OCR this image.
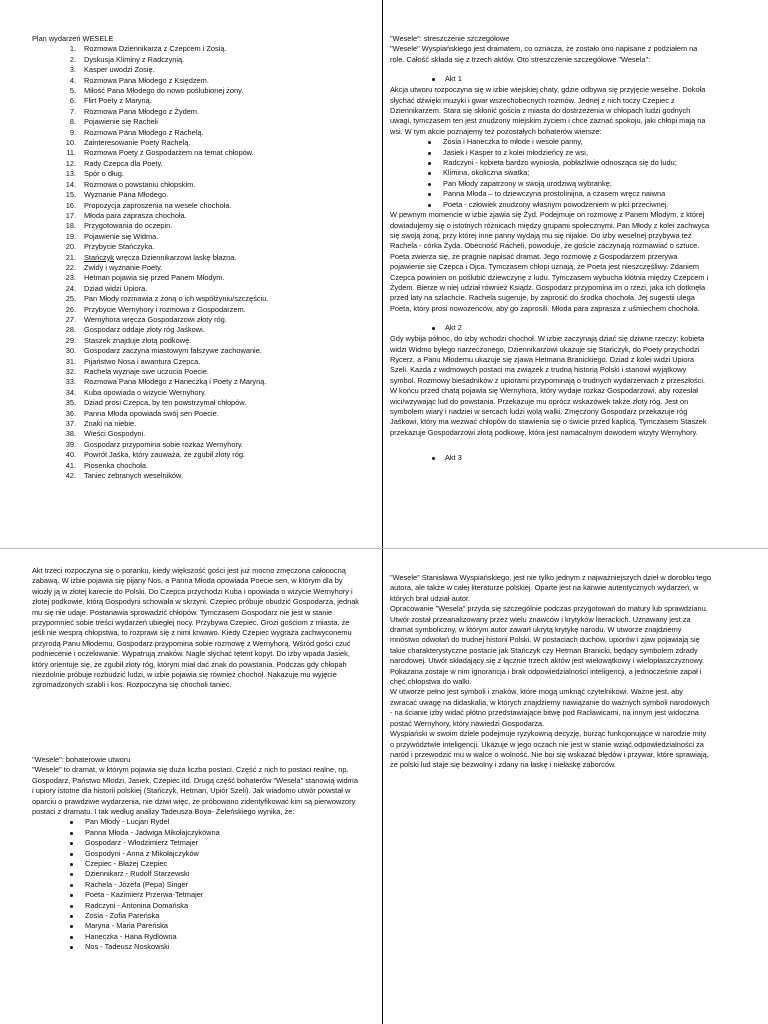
Plan wydarzeń WESELE

1.	Rozmowa Dziennikarza z Czepcem i Zosią.
2.	Dyskusja Kliminy z Radczynią.
3.	Kasper uwodzi Zosię.
4.	Rozmowa Pana Młodego z Księdzem.
5.	Miłość Pana Młodego do nowo poślubionej żony.
6.	Flirt Poety z Maryną.
7.	Rozmowa Pana Młodego z Żydem.
8.	Pojawienie się Racheli
9.	Rozmowa Pana Młodego z Rachelą.
10.	Zainteresowanie Poety Rachelą.
11.	Rozmowa Poety z Gospodarzem na temat chłopów.
12.	Rady Czepca dla Poety.
13.	Spór o dług.
14.	Rozmowa o powstaniu chłopskim.
15.	Wyznanie Pana Młodego.
16.	Propozycja zaproszenia na wesele chochoła.
17.	Młoda para zaprasza chochoła.
18.	Przygotowania do oczepin.
19.	Pojawienie się Widma.
20.	Przybycie Stańczyka.
21.	Stańczyk wręcza Dziennikarzowi laskę błazna.
22.	Zwidy i wyznanie Poety.
23.	Hetman pojawia się przed Panem Młodym.
24.	Dziad widzi Upiora.
25.	Pan Młody rozmawia z żoną o ich współżyniu/szczęściu.
26.	Przybycie Wernyhory i rozmowa z Gospodarzem.
27.	Wernyhora wręcza Gospodarzowi złoty róg.
28.	Gospodarz oddaje złoty róg Jaśkowi.
29.	Staszek znajduje złotą podkowę.
30.	Gospodarz zaczyna miastowym fałszywe zachowanie.
31.	Pijaństwo Nosa i awantura Czepca.
32.	Rachela wyznaje swe uczucia Poecie.
33.	Rozmowa Pana Młodego z Haneczką i Poety z Maryną.
34.	Kuba opowiada o wizycie Wernyhory.
35.	Dziad prosi Czepca, by ten powstrzymał chłopów.
36.	Panna Młoda opowiada swój sen Poecie.
37.	Znaki na niebie.
38.	Wieści Gospodyni.
39.	Gospodarz przypomina sobie rozkaz Wernyhory.
40.	Powrót Jaśka, który zauważa, że zgubił złoty róg.
41.	Piosenka chochoła.
42.	Taniec zebranych weselników.

"Wesele": streszczenie szczegółowe

"Wesele" Wyspiańskiego jest dramatem, co oznacza, że zostało ono napisane z podziałem na role. Całość składa się z trzech aktów. Oto streszczenie szczegółowe "Wesela":

Akt 1

Akcja utworu rozpoczyna się w izbie wiejskiej chaty, gdzie odbywa się przyjęcie weselne. Dokoła słychać dźwięki muzyki i gwar wszechobecnych rozmów. Jednej z nich toczy Czepiec z Dziennikarzem. Stara się skłonić gościa z miasta do dostrzeżenia w chłopach ludzi godnych uwagi, tymczasem ten jest znudzony miejskim życiem i chce zaznać spokoju, jaki chłopi mają na wsi. W tym akcie poznajemy też pozostałych bohaterów wiersze:

Zosia i Haneczka to młode i wesołe panny,
Jasiek i Kasper to z kolei młodzieńcy ze wsi,
Radczyni - kobieta bardzo wyniosła, pobłażliwie odnosząca się do ludu;
Klimina, okoliczna swatka;
Pan Młody zapatrzony w swoją urodziwą wybrankę;
Panna Młoda – to dziewczyna prostolinijna, a czasem wręcz naiwna
Poeta - człowiek znudzony własnym powodzeniem w płci przeciwnej.

W pewnym momencie w izbie zjawia się Żyd. Podejmuje on rozmowę z Panem Młodym, z której dowiadujemy się o istotnych różnicach między grupami społecznymi. Pan Młody z kolei zachwyca się swoją żoną, przy której inne panny wydają mu się nijakie. Do izby weselnej przybywa też Rachela - córka Żyda. Obecność Racheli, powoduje, że goście zaczynają rozmawiać o sztuce. Poeta zwierza się, że pragnie napisać dramat. Jego rozmowę z Gospodarzem przerywa pojawienie się Czepca i Ojca. Tymczasem chłopi uznają, że Poeta jest nieszczęśliwy. Zdaniem Czepca powinien on poślubić dziewczynę z ludu. Tymczasem wybucha kłótnia między Czepcem i Żydem. Bierze w niej udział również Ksiądz. Gospodarz przypomina im o rzezi, jaka ich dotknęła przed laty na szlachcie. Rachela sugeruje, by zaprosić do środka chochoła. Jej sugestii ulega Poeta, który prosi nowożeńców, aby go zaprosili. Młoda para zaprasza z uśmiechem chochoła.

Akt 2

Gdy wybija północ, do izby wchodzi chochoł. W izbie zaczynają dziać się dziwne rzeczy: kobieta widzi Widmo byłego narzeczonego, Dziennikarzowi ukazuje się Stańczyk, do Poety przychodzi Rycerz, a Panu Młodemu ukazuje się zjawa Hetmana Branickiego. Dziad z kolei widzi Upiora Szeli. Każda z widmowych postaci ma związek z trudną historią Polski i stanowi wyjątkowy symbol. Rozmowy bieśadników z upiorami przypominają o trudnych wydarzeniach z przeszłości. W końcu przed chatą pojawia się Wernyhora, który wydaje rozkaz Gospodarzowi, aby rozesłał wici/wzywając lud do powstania. Przekazuje mu oprócz wskazówek także złoty róg. Jest on symbolem wiary i nadziei w sercach ludzi wolą walki. Zmęczony Gospodarz przekazuje róg Jaśkowi, który ma wezwać chłopów do stawienia się o świcie przed kaplicą. Tymczasem Staszek przekazuje Gospodarzowi złotą podkowę, która jest namacalnym dowodem wizyty Wernyhory.

Akt 3

Akt trzeci rozpoczyna się o poranku, kiedy większość gości jest już mocno zmęczona całonocną zabawą. W izbie pojawia się pijany Nos, a Panna Młoda opowiada Poecie sen, w którym dla by wiozły ją w złotej karecie do Polski. Do Czepca przychodzi Kuba i opowiada o wizycie Wernyhory i złotej podkowie, którą Gospodyni schowała w skrzyni. Czepiec próbuje obudzić Gospodarza, jednak mu się nie udaje. Postanawia sprowadzić chłopów. Tymczasem Gospodarz nie jest w stanie przypomnieć sobie treści wydarzeń ubiegłej nocy. Przybywa Czepiec. Grozi gościom z miasta, że jeśli nie wesprą chłopstwa, to rozprawi się z nimi krwawo. Kiedy Czepiec wygraża zachwyconemu przyrodą Panu Młodemu, Gospodarz przypomina sobie rozmowę z Wernyhorą. Wśród gości czuć podniecenie i oczekiwanie. Wypatrują znaków. Nagle słychać tętent kopyt. Do izby wpada Jasiek, który orientuje się, że zgubił złoty róg, którym miał dać znak do powstania. Podczas gdy chłopah niezdolnie próbuje rozbudzić ludzi, w izbie pojawia się również chochoł. Nakazuje mu wyjęcie zgromadzonych szabli i kos. Rozpoczyna się chocholi taniec.

"Wesele": bohaterowie utworu

"Wesele" to dramat, w którym pojawia się duża liczba postaci. Część z nich to postaci realne, np. Gospodarz, Państwo Młodzi, Jasiek, Czepiec itd. Drugą część bohaterów "Wesela" stanowią widma i upiory istotne dla historii polskiej (Stańczyk, Hetman, Upiór Szeli). Jak wiadomo utwór powstał w oparciu o prawdziwe wydarzenia, nie dziwi więc, że próbowano zidentyfikować kim są pierwowzory postaci z dramatu. I tak według analizy Tadeusza Boya- Żeleńskiego wynika, że:

Pan Młody - Lucjan Rydel
Panna Młoda - Jadwiga Mikołajczykówna
Gospodarz - Włodzimierz Tetmajer
Gospodyni - Anna z Mikołajczyków
Czepiec - Błażej Czepiec
Dziennikarz - Rudolf Starzewski
Rachela - Józefa (Pepa) Singer
Poeta - Kazimierz Przerwa-Tetmajer
Radczyni - Antonina Domańska
Zosia - Zofia Pareńska
Maryna - Maria Pareńska
Haneczka - Hana Rydlówna
Nos - Tadeusz Noskowski

"Wesele" Stanisława Wyspiańskiego, jest nie tylko jednym z najważniejszych dzieł w dorobku tego autora, ale także w całej literaturze polskiej. Oparte jest na kanwie autentycznych wydarzeń, w których brał udział autor.

Opracowanie "Wesela" przyda się szczególnie podczas przygotowań do matury lub sprawdzianu. Utwór został przeanalizowany przez wielu znawców i krytyków literackich. Uznawany jest za dramat symboliczny, w którym autor zawarł ukrytą krytykę narodu. W utworze znajdziemy mnóstwo odwołań do trudnej historii Polski. W postaciach duchów, upiorów i zjaw pojawiają się takie charakterystyczne postacie jak Stańczyk czy Hetman Branicki, będący symbolem zdrady narodowej. Utwór składający się z łącznie trzech aktów jest wielowątkowy i wielopłaszczyznowy. Pokazana zostaje w nim ignorancja i brak odpowiedzialności inteligencji, a jednocześnie zapał i chęć chłopstwa do walki.

W utworze pełno jest symboli i znaków, które mogą umknąć czytelnikowi. Ważne jest, aby zwracać uwagę na didaskalia, w których znajdziemy nawiązanie do ważnych symboli narodowych - na ścianie izby widać płótno przedstawiające bitwę pod Racławicami, na innym jest widoczna postać Wernyhory, który nawiedzi Gospodarza.

Wyspiański w swoim dziele podejmuje ryzykowną decyzję, burząc funkcjonujące w narodzie mity o przywództwie inteligencji. Ukazuje w jego oczach nie jest w stanie wziąć odpowiedzialności za naród i przewodzić mu w walce o wolność. Nie boi się wskazać błędów i przywar, które sprawiają, że polski lud staje się bezwolny i zdany na łaskę i niełaskę zaborców.
